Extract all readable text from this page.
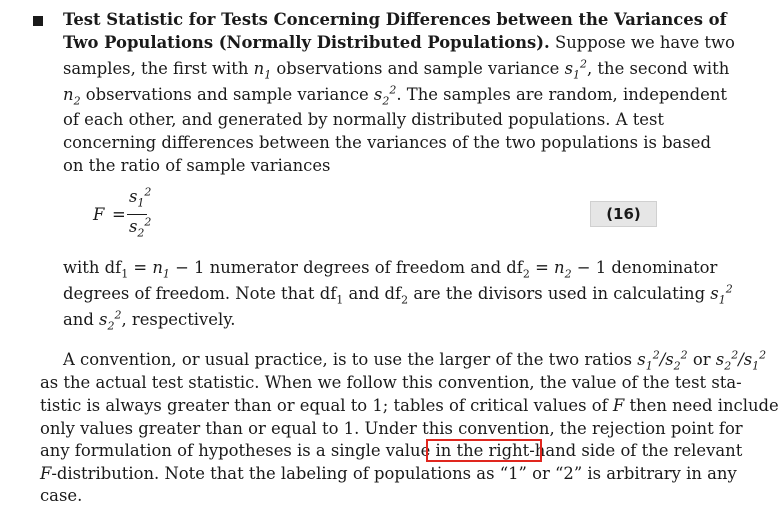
Test Statistic for Tests Concerning Differences between the Variances of
Two Populations (Normally Distributed Populations). Suppose we have two
samples, the first with $n_1$ observations and sample variance $s_1^2$, the second with
$n_2$ observations and sample variance $s_2^2$. The samples are random, independent
of each other, and generated by normally distributed populations. A test
concerning differences between the variances of the two populations is based
on the ratio of sample variances
F =
$s_1^2$
$s_2^2$	(16)
with $df_1 = n_1 - 1$ numerator degrees of freedom and $df_2 = n_2 - 1$ denominator
degrees of freedom. Note that $df_1$ and $df_2$ are the divisors used in calculating $s_1^2$
and $s_2^2$, respectively.
A convention, or usual practice, is to use the larger of the two ratios $s_1^2/s_2^2$ or $s_2^2/s_1^2$
as the actual test statistic. When we follow this convention, the value of the test sta-
tistic is always greater than or equal to 1; tables of critical values of F then need include
only values greater than or equal to 1. Under this convention, the rejection point for
any formulation of hypotheses is a single value in the right-hand side of the relevant
F-distribution. Note that the labeling of populations as “1” or “2” is arbitrary in any
case.
